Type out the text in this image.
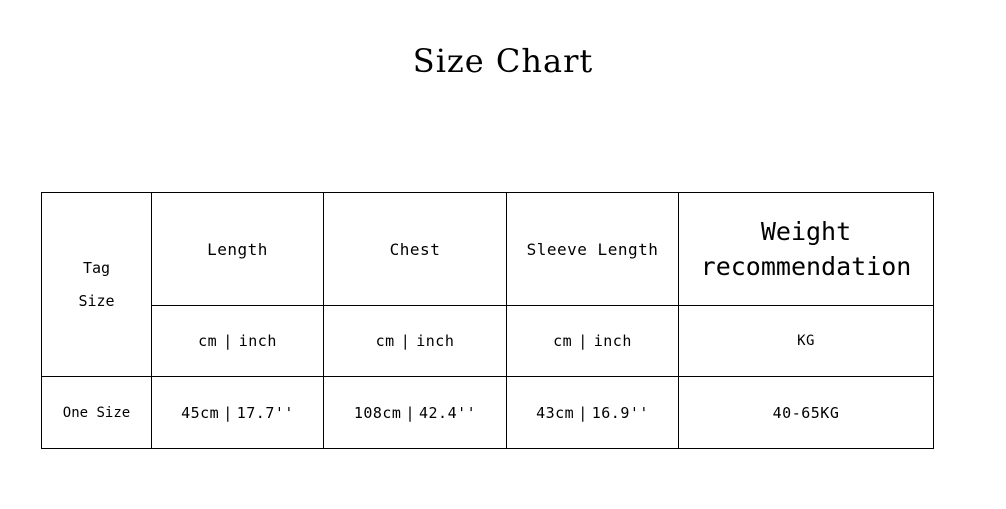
Size Chart
Tag
Size	Length	Chest	Sleeve Length	Weight
recommendation

	cm | inch	cm | inch	cm | inch	KG
One Size	45cm | 17.7''	108cm | 42.4''	43cm | 16.9''	40-65KG
